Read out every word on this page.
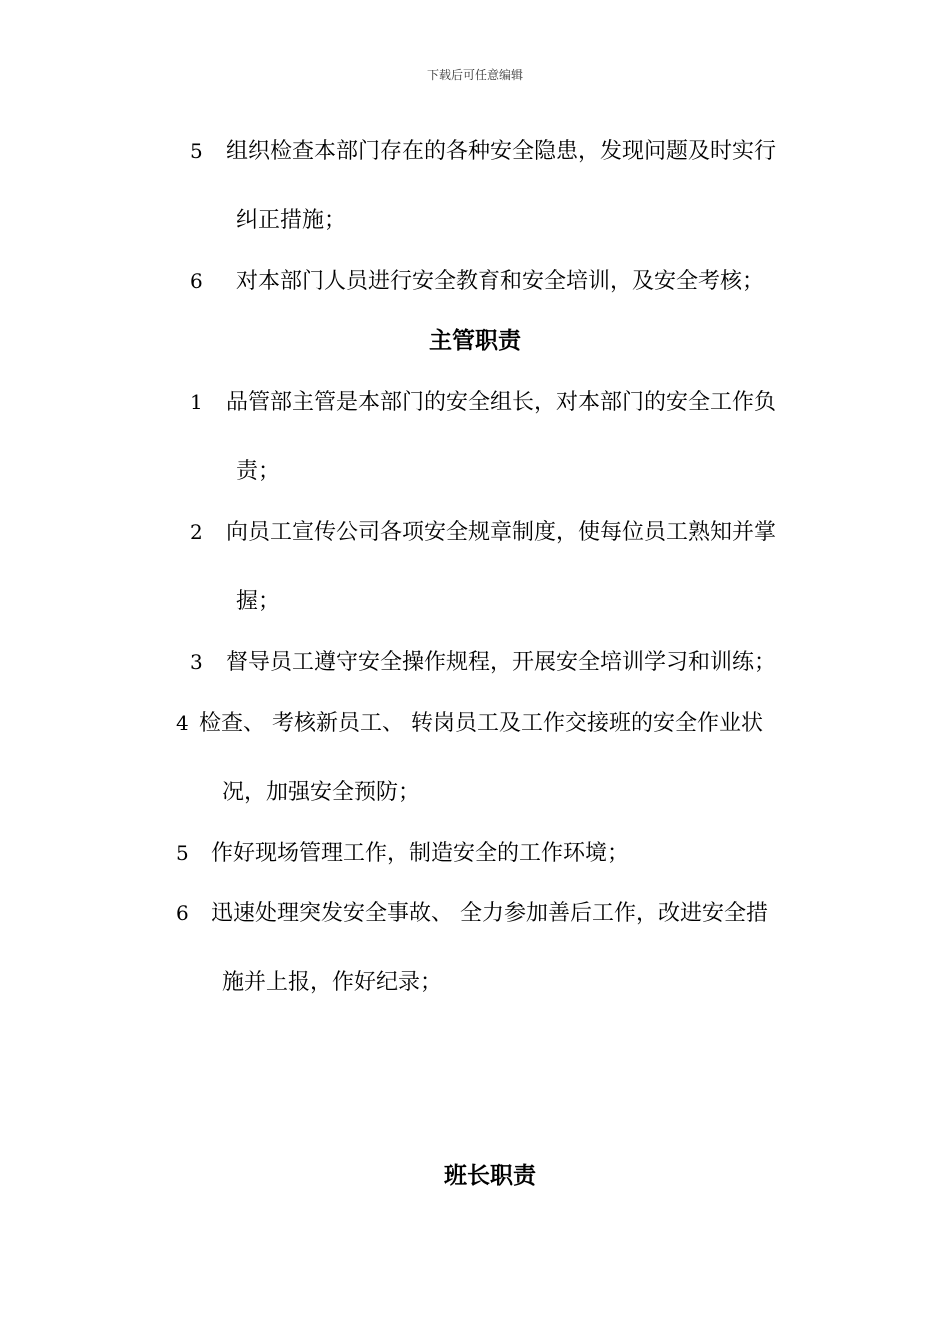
下载后可任意编辑
5 组织检查本部门存在的各种安全隐患，发现问题及时实行
纠正措施；
6 对本部门人员进行安全教育和安全培训，及安全考核；
主管职责
1 品管部主管是本部门的安全组长，对本部门的安全工作负
责；
2 向员工宣传公司各项安全规章制度，使每位员工熟知并掌
握；
3 督导员工遵守安全操作规程，开展安全培训学习和训练；
4 检查、 考核新员工、 转岗员工及工作交接班的安全作业状
况，加强安全预防；
5 作好现场管理工作，制造安全的工作环境；
6 迅速处理突发安全事故、 全力参加善后工作，改进安全措
施并上报，作好纪录；
班长职责
